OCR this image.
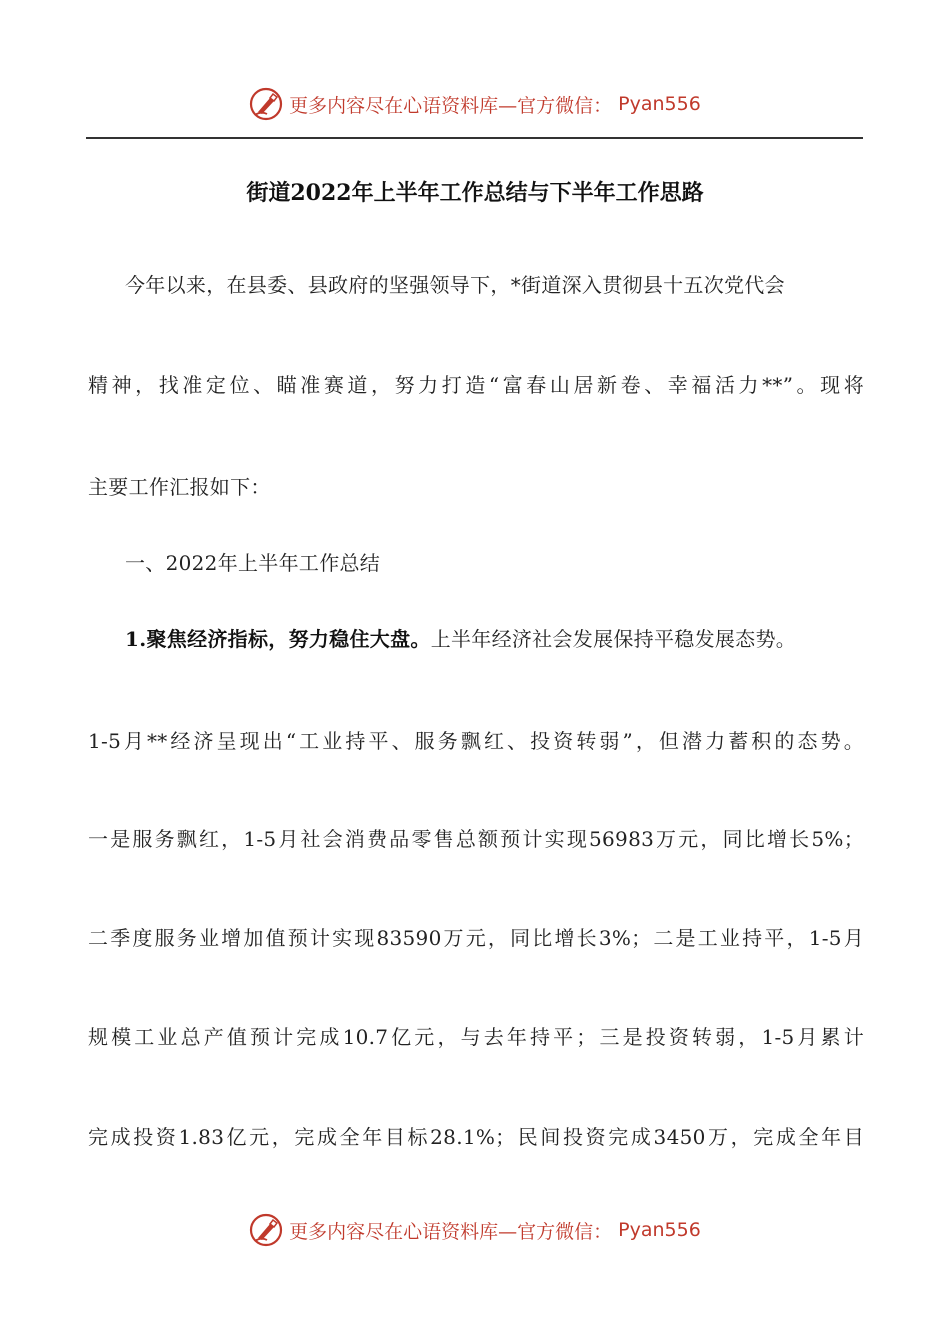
更多内容尽在心语资料库—官方微信： Pyan556
街道2022年上半年工作总结与下半年工作思路
今年以来，在县委、县政府的坚强领导下，*街道深入贯彻县十五次党代会
精神，找准定位、瞄准赛道，努力打造“富春山居新卷、幸福活力**”。现将
主要工作汇报如下：
一、2022年上半年工作总结
1.聚焦经济指标，努力稳住大盘。上半年经济社会发展保持平稳发展态势。
1-5月**经济呈现出“工业持平、服务飘红、投资转弱”，但潜力蓄积的态势。
一是服务飘红，1-5月社会消费品零售总额预计实现56983万元，同比增长5%；
二季度服务业增加值预计实现83590万元，同比增长3%；二是工业持平，1-5月
规模工业总产值预计完成10.7亿元，与去年持平；三是投资转弱，1-5月累计
完成投资1.83亿元，完成全年目标28.1%；民间投资完成3450万，完成全年目
更多内容尽在心语资料库—官方微信： Pyan556
